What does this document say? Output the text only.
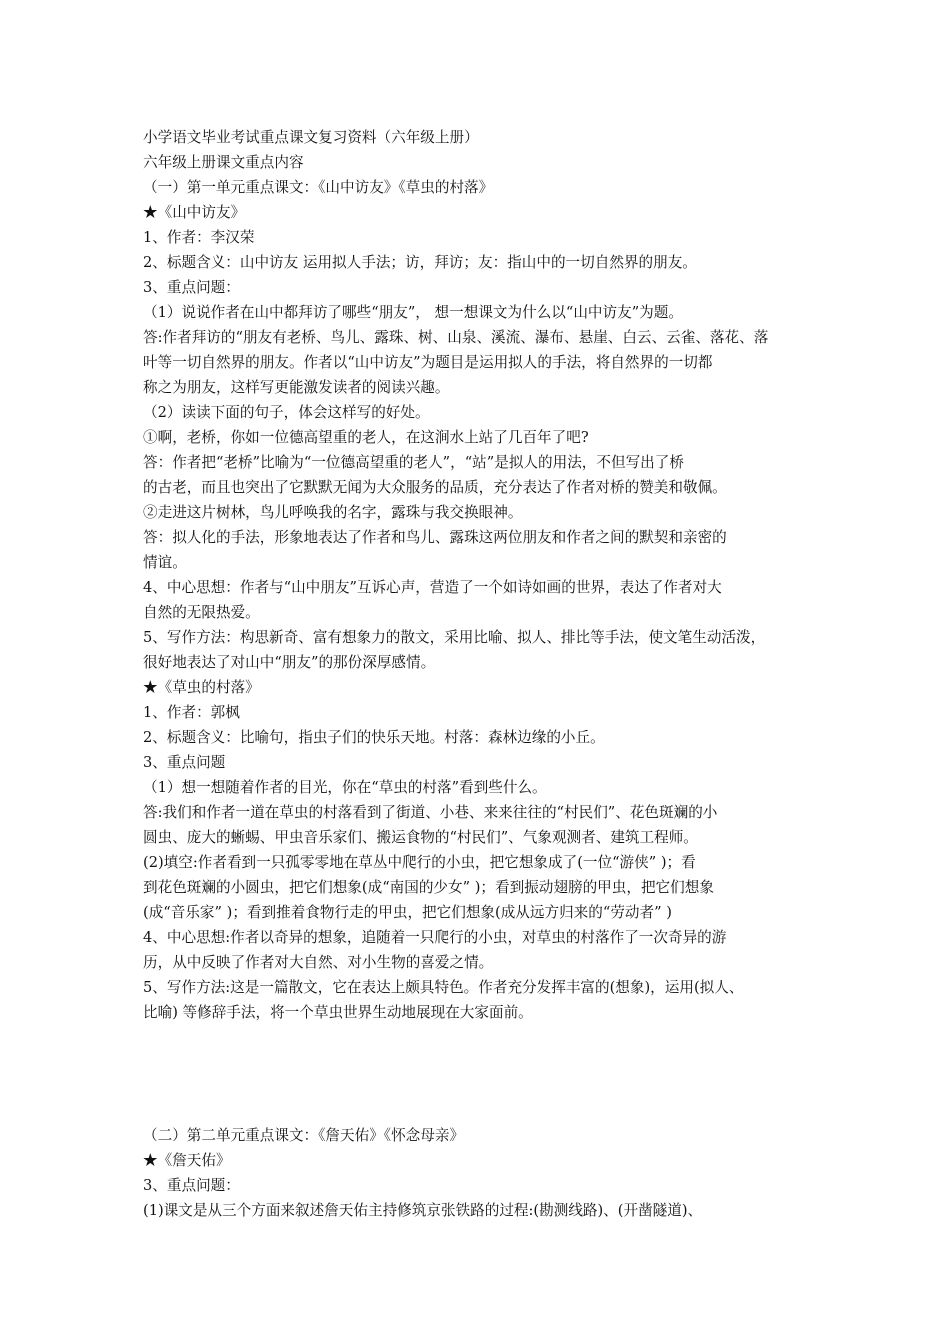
小学语文毕业考试重点课文复习资料（六年级上册）
六年级上册课文重点内容
（一）第一单元重点课文：《山中访友》《草虫的村落》
★《山中访友》
1、作者：李汉荣
2、标题含义：山中访友 运用拟人手法；访，拜访；友：指山中的一切自然界的朋友。
3、重点问题：
（1）说说作者在山中都拜访了哪些“朋友”， 想一想课文为什么以“山中访友”为题。
答:作者拜访的“朋友有老桥、鸟儿、露珠、树、山泉、溪流、瀑布、悬崖、白云、云雀、落花、落
叶等一切自然界的朋友。作者以“山中访友”为题目是运用拟人的手法，将自然界的一切都
称之为朋友，这样写更能激发读者的阅读兴趣。
（2）读读下面的句子，体会这样写的好处。
①啊，老桥，你如一位德高望重的老人，在这涧水上站了几百年了吧?
答：作者把“老桥”比喻为“一位德高望重的老人”，“站”是拟人的用法，不但写出了桥
的古老，而且也突出了它默默无闻为大众服务的品质，充分表达了作者对桥的赞美和敬佩。
②走进这片树林，鸟儿呼唤我的名字，露珠与我交换眼神。
答：拟人化的手法，形象地表达了作者和鸟儿、露珠这两位朋友和作者之间的默契和亲密的
情谊。
4、中心思想：作者与“山中朋友”互诉心声，营造了一个如诗如画的世界，表达了作者对大
自然的无限热爱。
5、写作方法：构思新奇、富有想象力的散文，采用比喻、拟人、排比等手法，使文笔生动活泼，
很好地表达了对山中“朋友”的那份深厚感情。
★《草虫的村落》
1、作者：郭枫
2、标题含义：比喻句，指虫子们的快乐天地。村落：森林边缘的小丘。
3、重点问题
（1）想一想随着作者的目光，你在“草虫的村落”看到些什么。
答:我们和作者一道在草虫的村落看到了街道、小巷、来来往往的“村民们”、花色斑斓的小
圆虫、庞大的蜥蜴、甲虫音乐家们、搬运食物的“村民们”、气象观测者、建筑工程师。
(2)填空:作者看到一只孤零零地在草丛中爬行的小虫，把它想象成了(一位“游侠” )；看
到花色斑斓的小圆虫，把它们想象(成“南国的少女” )；看到振动翅膀的甲虫，把它们想象
(成“音乐家” )；看到推着食物行走的甲虫，把它们想象(成从远方归来的“劳动者” )
4、中心思想:作者以奇异的想象，追随着一只爬行的小虫，对草虫的村落作了一次奇异的游
历，从中反映了作者对大自然、对小生物的喜爱之情。
5、写作方法:这是一篇散文，它在表达上颇具特色。作者充分发挥丰富的(想象)，运用(拟人、
比喻) 等修辞手法，将一个草虫世界生动地展现在大家面前。
（二）第二单元重点课文：《詹天佑》《怀念母亲》
★《詹天佑》
3、重点问题：
(1)课文是从三个方面来叙述詹天佑主持修筑京张铁路的过程:(勘测线路)、(开凿隧道)、
